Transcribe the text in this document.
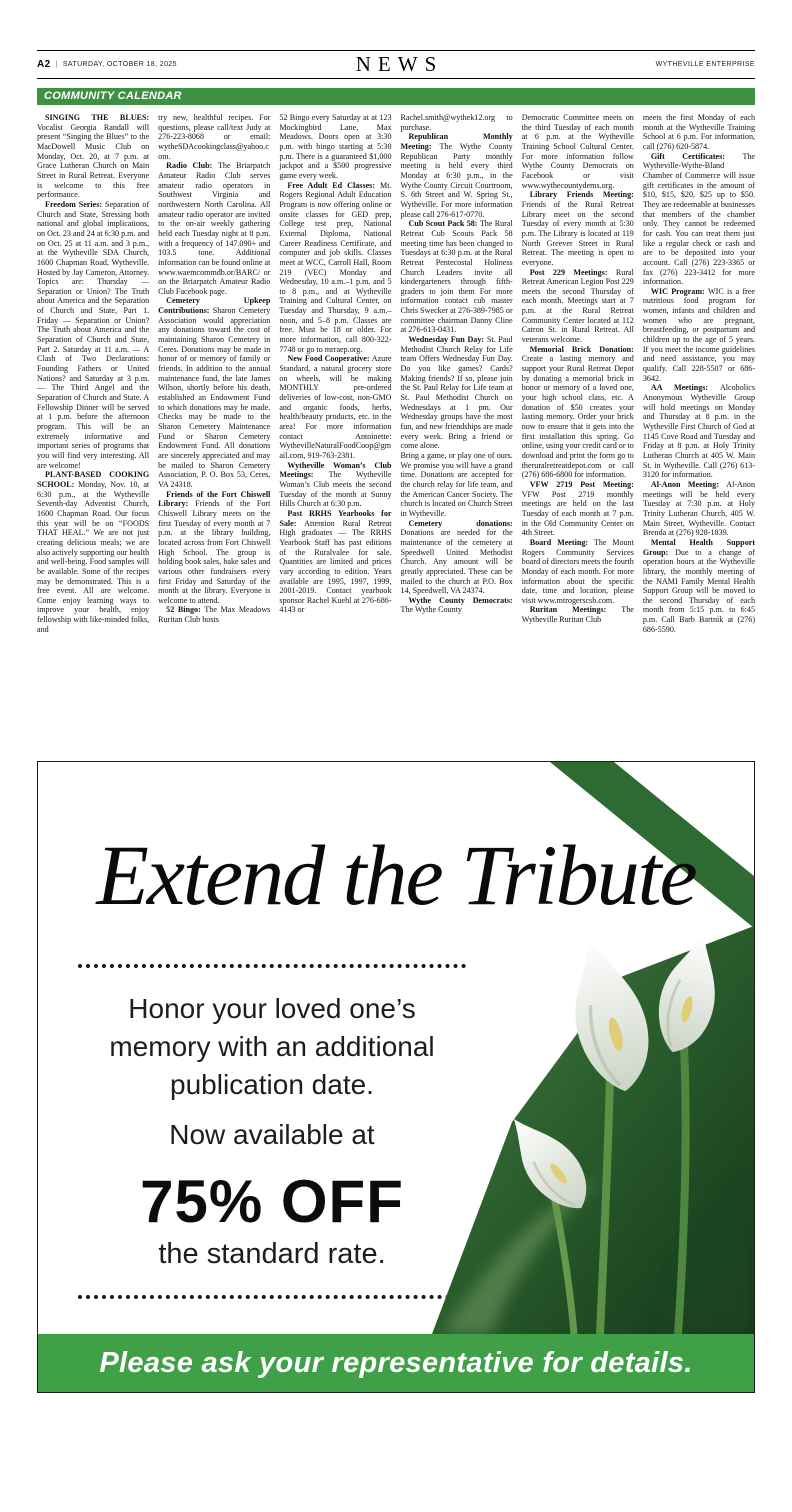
A2 | SATURDAY, OCTOBER 18, 2025	NEWS	WYTHEVILLE ENTERPRISE
COMMUNITY CALENDAR

SINGING THE BLUES: Vocalist Georgia Randall will present “Singing the Blues” to the MacDowell Music Club on Monday, Oct. 20, at 7 p.m. at Grace Lutheran Church on Main Street in Rural Retreat. Everyone is welcome to this free performance.

Freedom Series: Separation of Church and State, Stressing both national and global implications, on Oct. 23 and 24 at 6:30 p.m. and on Oct. 25 at 11 a.m. and 3 p.m., at the Wytheville SDA Church, 1600 Chapman Road, Wytheville. Hosted by Jay Cameron, Attorney. Topics are: Thursday — Separation or Union? The Truth about America and the Separation of Church and State, Part 1. Friday — Separation or Union? The Truth about America and the Separation of Church and State, Part 2. Saturday at 11 a.m. — A Clash of Two Declarations: Founding Fathers or United Nations? and Saturday at 3 p.m. — The Third Angel and the Separation of Church and State. A Fellowship Dinner will be served at 1 p.m. before the afternoon program. This will be an extremely informative and important series of programs that you will find very interesting. All are welcome!

PLANT-BASED COOKING SCHOOL: Monday, Nov. 10, at 6:30 p.m., at the Wytheville Seventh-day Adventist Church, 1600 Chapman Road. Our focus this year will be on “FOODS THAT HEAL.” We are not just creating delicious meals; we are also actively supporting our health and well-being. Food samples will be available. Some of the recipes may be demonstrated. This is a free event. All are welcome. Come enjoy learning ways to improve your health, enjoy fellowship with like-minded folks, and

try new, healthful recipes. For questions, please call/text Judy at 276-223-8068 or email: wytheSDAcookingclass@yahoo.com.

Radio Club: The Briarpatch Amateur Radio Club serves amateur radio operators in Southwest Virginia and northwestern North Carolina. All amateur radio operator are invited to the on-air weekly gathering held each Tuesday night at 8 p.m. with a frequency of 147.090+ and 103.5 tone. Additional information can be found online at www.waemcommdb.or/BARC/ or on the Briarpatch Amateur Radio Club Facebook page.

Cemetery Upkeep Contributions: Sharon Cemetery Association would appreciation any donations toward the cost of maintaining Sharon Cemetery in Ceres. Donations may be made in honor of or memory of family or friends. In addition to the annual maintenance fund, the late James Wilson, shortly before his death, established an Endowment Fund to which donations may be made. Checks may be made to the Sharon Cemetery Maintenance Fund or Sharon Cemetery Endowment Fund. All donations are sincerely appreciated and may be mailed to Sharon Cemetery Association, P. O. Box 53, Ceres, VA 24318.

Friends of the Fort Chiswell Library: Friends of the Fort Chiswell Library meets on the first Tuesday of every month at 7 p.m. at the library building, located across from Fort Chiswell High School. The group is holding book sales, bake sales and various other fundraisers every first Friday and Saturday of the month at the library. Everyone is welcome to attend.

52 Bingo: The Max Meadows Ruritan Club hosts

52 Bingo every Saturday at at 123 Mockingbird Lane, Max Meadows. Doors open at 3:30 p.m. with bingo starting at 5:30 p.m. There is a guaranteed $1,000 jackpot and a $500 progressive game every week.

Free Adult Ed Classes: Mt. Rogers Regional Adult Education Program is now offering online or onsite classes for GED prep, College test prep, National External Diploma, National Career Readiness Certificate, and computer and job skills. Classes meet at WCC, Carroll Hall, Room 219 (VEC) Monday and Wednesday, 10 a.m.–1 p.m. and 5 to 8 p.m., and at Wytheville Training and Cultural Center, on Tuesday and Thursday, 9 a.m.–noon, and 5–8 p.m. Classes are free. Must be 18 or older. For more information, call 800-322-7748 or go to mrraep.org.

New Food Cooperative: Azure Standard, a natural grocery store on wheels, will be making MONTHLY pre-ordered deliveries of low-cost, non-GMO and organic foods, herbs, health/beauty products, etc. in the area! For more information contact Antoinette: WythevilleNaturalFoodCoop@gmail.com, 919-763-2381.

Wytheville Woman’s Club Meetings: The Wytheville Woman’s Club meets the second Tuesday of the month at Sunny Hills Church at 6:30 p.m.

Past RRHS Yearbooks for Sale: Attention Rural Retreat High graduates — The RRHS Yearbook Staff has past editions of the Ruralvalee for sale. Quantities are limited and prices vary according to edition. Years available are 1995, 1997, 1999, 2001-2019. Contact yearbook sponsor Rachel Kuehl at 276-686-4143 or

Rachel.smith@wythek12.org to purchase.

Republican Monthly Meeting: The Wythe County Republican Party monthly meeting is held every third Monday at 6:30 p.m., in the Wythe County Circuit Courtroom, S. 6th Street and W. Spring St., Wytheville. For more information please call 276-617-0770.

Cub Scout Pack 58: The Rural Retreat Cub Scouts Pack 58 meeting time has been changed to Tuesdays at 6:30 p.m. at the Rural Retreat Pentecostal Holiness Church Leaders invite all kindergarteners through fifth-graders to join them For more information contact cub master Chris Swecker at 276-389-7985 or committee chairman Danny Cline at 276-613-0431.

Wednesday Fun Day: St. Paul Methodist Church Relay for Life team Offers Wednesday Fun Day. Do you like games? Cards? Making friends? If so, please join the St. Paul Relay for Life team at St. Paul Methodist Church on Wednesdays at 1 pm. Our Wednesday groups have the most fun, and new friendships are made every week. Bring a friend or come alone.

Bring a game, or play one of ours. We promise you will have a grand time. Donations are accepted for the church relay for life team, and the American Cancer Society. The church is located on Church Street in Wytheville.

Cemetery donations: Donations are needed for the maintenance of the cemetery at Speedwell United Methodist Church. Any amount will be greatly appreciated. These can be mailed to the church at P.O. Box 14, Speedwell, VA 24374.

Wythe County Democrats: The Wythe County

Democratic Committee meets on the third Tuesday of each month at 6 p.m. at the Wytheville Training School Cultural Center. For more information follow Wythe County Democrats on Facebook or visit www.wythecountydems.org.

Library Friends Meeting: Friends of the Rural Retreat Library meet on the second Tuesday of every month at 5:30 p.m. The Library is located at 119 North Greever Street in Rural Retreat. The meeting is open to everyone.

Post 229 Meetings: Rural Retreat American Legion Post 229 meets the second Thursday of each month. Meetings start at 7 p.m. at the Rural Retreat Community Center located at 112 Catron St. in Rural Retreat. All veterans welcome.

Memorial Brick Donation: Create a lasting memory and support your Rural Retreat Depot by donating a memorial brick in honor or memory of a loved one, your high school class, etc. A donation of $50 creates your lasting memory. Order your brick now to ensure that it gets into the first installation this spring. Go online, using your credit card or to download and print the form go to theruralretreatdepot.com or call (276) 686-6800 for information.

VFW 2719 Post Meeting: VFW Post 2719 monthly meetings are held on the last Tuesday of each month at 7 p.m. in the Old Community Center on 4th Street.

Board Meeting: The Mount Rogers Community Services board of directors meets the fourth Monday of each month. For more information about the specific date, time and location, please visit www.mtrogerscsb.com.

Ruritan Meetings: The Wytheville Ruritan Club

meets the first Monday of each month at the Wytheville Training School at 6 p.m. For information, call (276) 620-5874.

Gift Certificates: The Wytheville-Wythe-Bland Chamber of Commerce will issue gift certificates in the amount of $10, $15, $20, $25 up to $50. They are redeemable at businesses that members of the chamber only. They cannot be redeemed for cash. You can treat them just like a regular check or cash and are to be deposited into your account. Call (276) 223-3365 or fax (276) 223-3412 for more information.

WIC Program: WIC is a free nutritious food program for women, infants and children and women who are pregnant, breastfeeding, or postpartum and children up to the age of 5 years. If you meet the income guidelines and need assistance, you may qualify. Call 228-5507 or 686-3642.

AA Meetings: Alcoholics Anonymous Wytheville Group will hold meetings on Monday and Thursday at 8 p.m. in the Wytheville First Church of God at 1145 Cove Road and Tuesday and Friday at 8 p.m. at Holy Trinity Lutheran Church at 405 W. Main St. in Wytheville. Call (276) 613-3120 for information.

Al-Anon Meeting: Al-Anon meetings will be held every Tuesday at 7:30 p.m. at Holy Trinity Lutheran Church, 405 W. Main Street, Wytheville. Contact Brenda at (276) 928-1839.

Mental Health Support Group: Due to a change of operation hours at the Wytheville library, the monthly meeting of the NAMI Family Mental Health Support Group will be moved to the second Thursday of each month from 5:15 p.m. to 6:45 p.m. Call Barb Bartnik at (276) 686-5590.

Extend the Tribute
Honor your loved one’s
memory with an additional
publication date.
Now available at
75% OFF
the standard rate.
Please ask your representative for details.
